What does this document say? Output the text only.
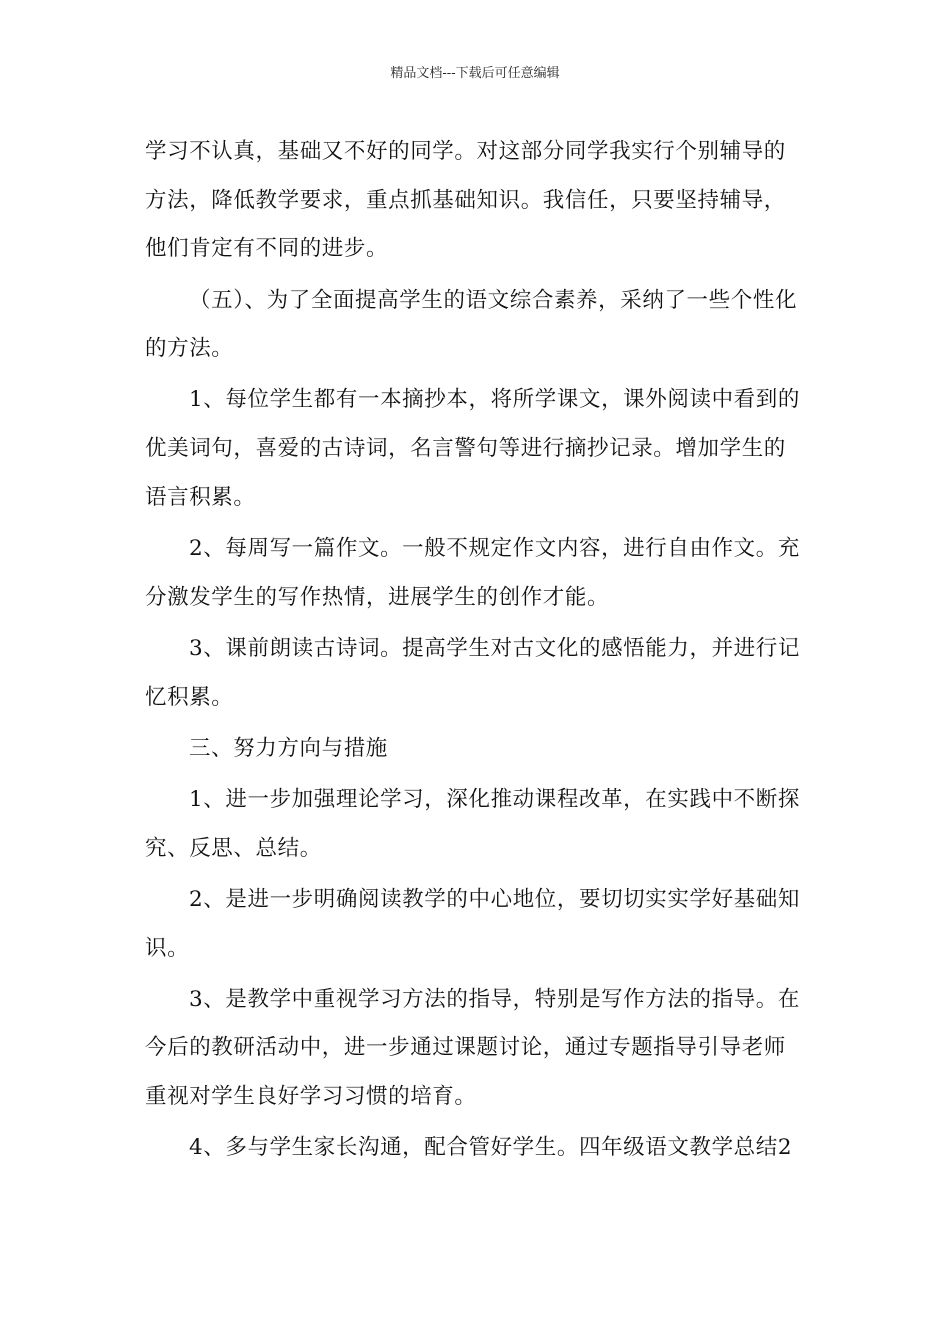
精品文档---下载后可任意编辑
学习不认真，基础又不好的同学。对这部分同学我实行个别辅导的
方法，降低教学要求，重点抓基础知识。我信任，只要坚持辅导，
他们肯定有不同的进步。
（五）、为了全面提高学生的语文综合素养，采纳了一些个性化
的方法。
1、每位学生都有一本摘抄本，将所学课文，课外阅读中看到的
优美词句，喜爱的古诗词，名言警句等进行摘抄记录。增加学生的
语言积累。
2、每周写一篇作文。一般不规定作文内容，进行自由作文。充
分激发学生的写作热情，进展学生的创作才能。
3、课前朗读古诗词。提高学生对古文化的感悟能力，并进行记
忆积累。
三、努力方向与措施
1、进一步加强理论学习，深化推动课程改革，在实践中不断探
究、反思、总结。
2、是进一步明确阅读教学的中心地位，要切切实实学好基础知
识。
3、是教学中重视学习方法的指导，特别是写作方法的指导。在
今后的教研活动中，进一步通过课题讨论，通过专题指导引导老师
重视对学生良好学习习惯的培育。
4、多与学生家长沟通，配合管好学生。四年级语文教学总结2
